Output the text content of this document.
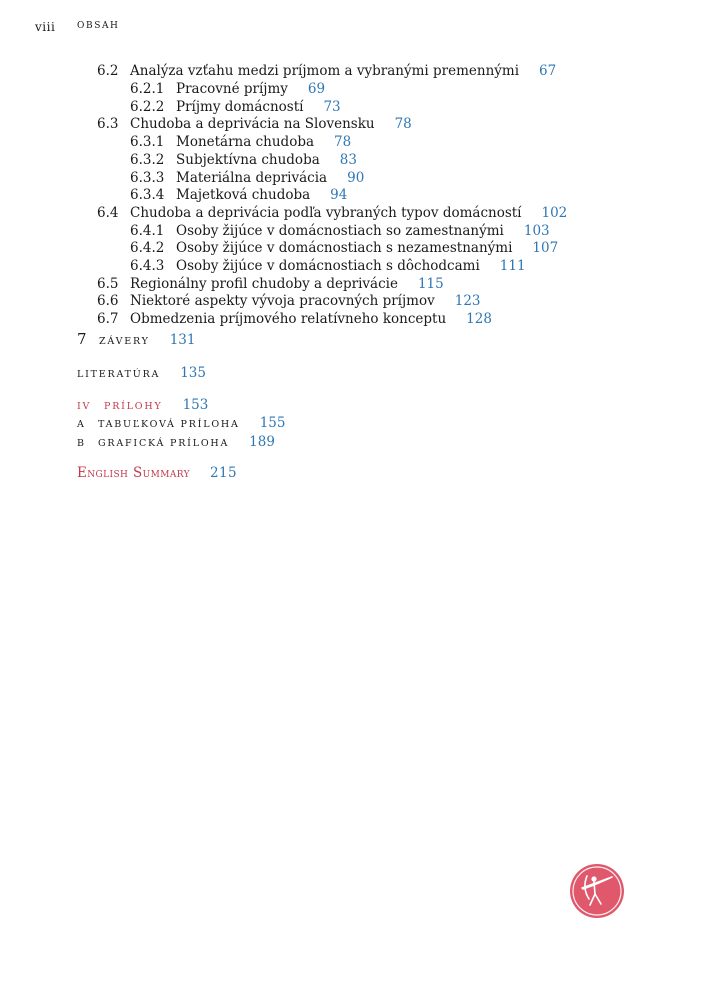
viii OBSAH
6.2 Analýza vzťahu medzi príjmom a vybranými premennými 67
6.2.1 Pracovné príjmy 69
6.2.2 Príjmy domácností 73
6.3 Chudoba a deprivácia na Slovensku 78
6.3.1 Monetárna chudoba 78
6.3.2 Subjektívna chudoba 83
6.3.3 Materiálna deprivácia 90
6.3.4 Majetková chudoba 94
6.4 Chudoba a deprivácia podľa vybraných typov domácností 102
6.4.1 Osoby žijúce v domácnostiach so zamestnanými 103
6.4.2 Osoby žijúce v domácnostiach s nezamestnanými 107
6.4.3 Osoby žijúce v domácnostiach s dôchodcami 111
6.5 Regionálny profil chudoby a deprivácie 115
6.6 Niektoré aspekty vývoja pracovných príjmov 123
6.7 Obmedzenia príjmového relatívneho konceptu 128
7 ZÁVERY 131
LITERATÚRA 135
IV PRÍLOHY 153
A TABUĽKOVÁ PRÍLOHA 155
B GRAFICKÁ PRÍLOHA 189
English Summary 215
